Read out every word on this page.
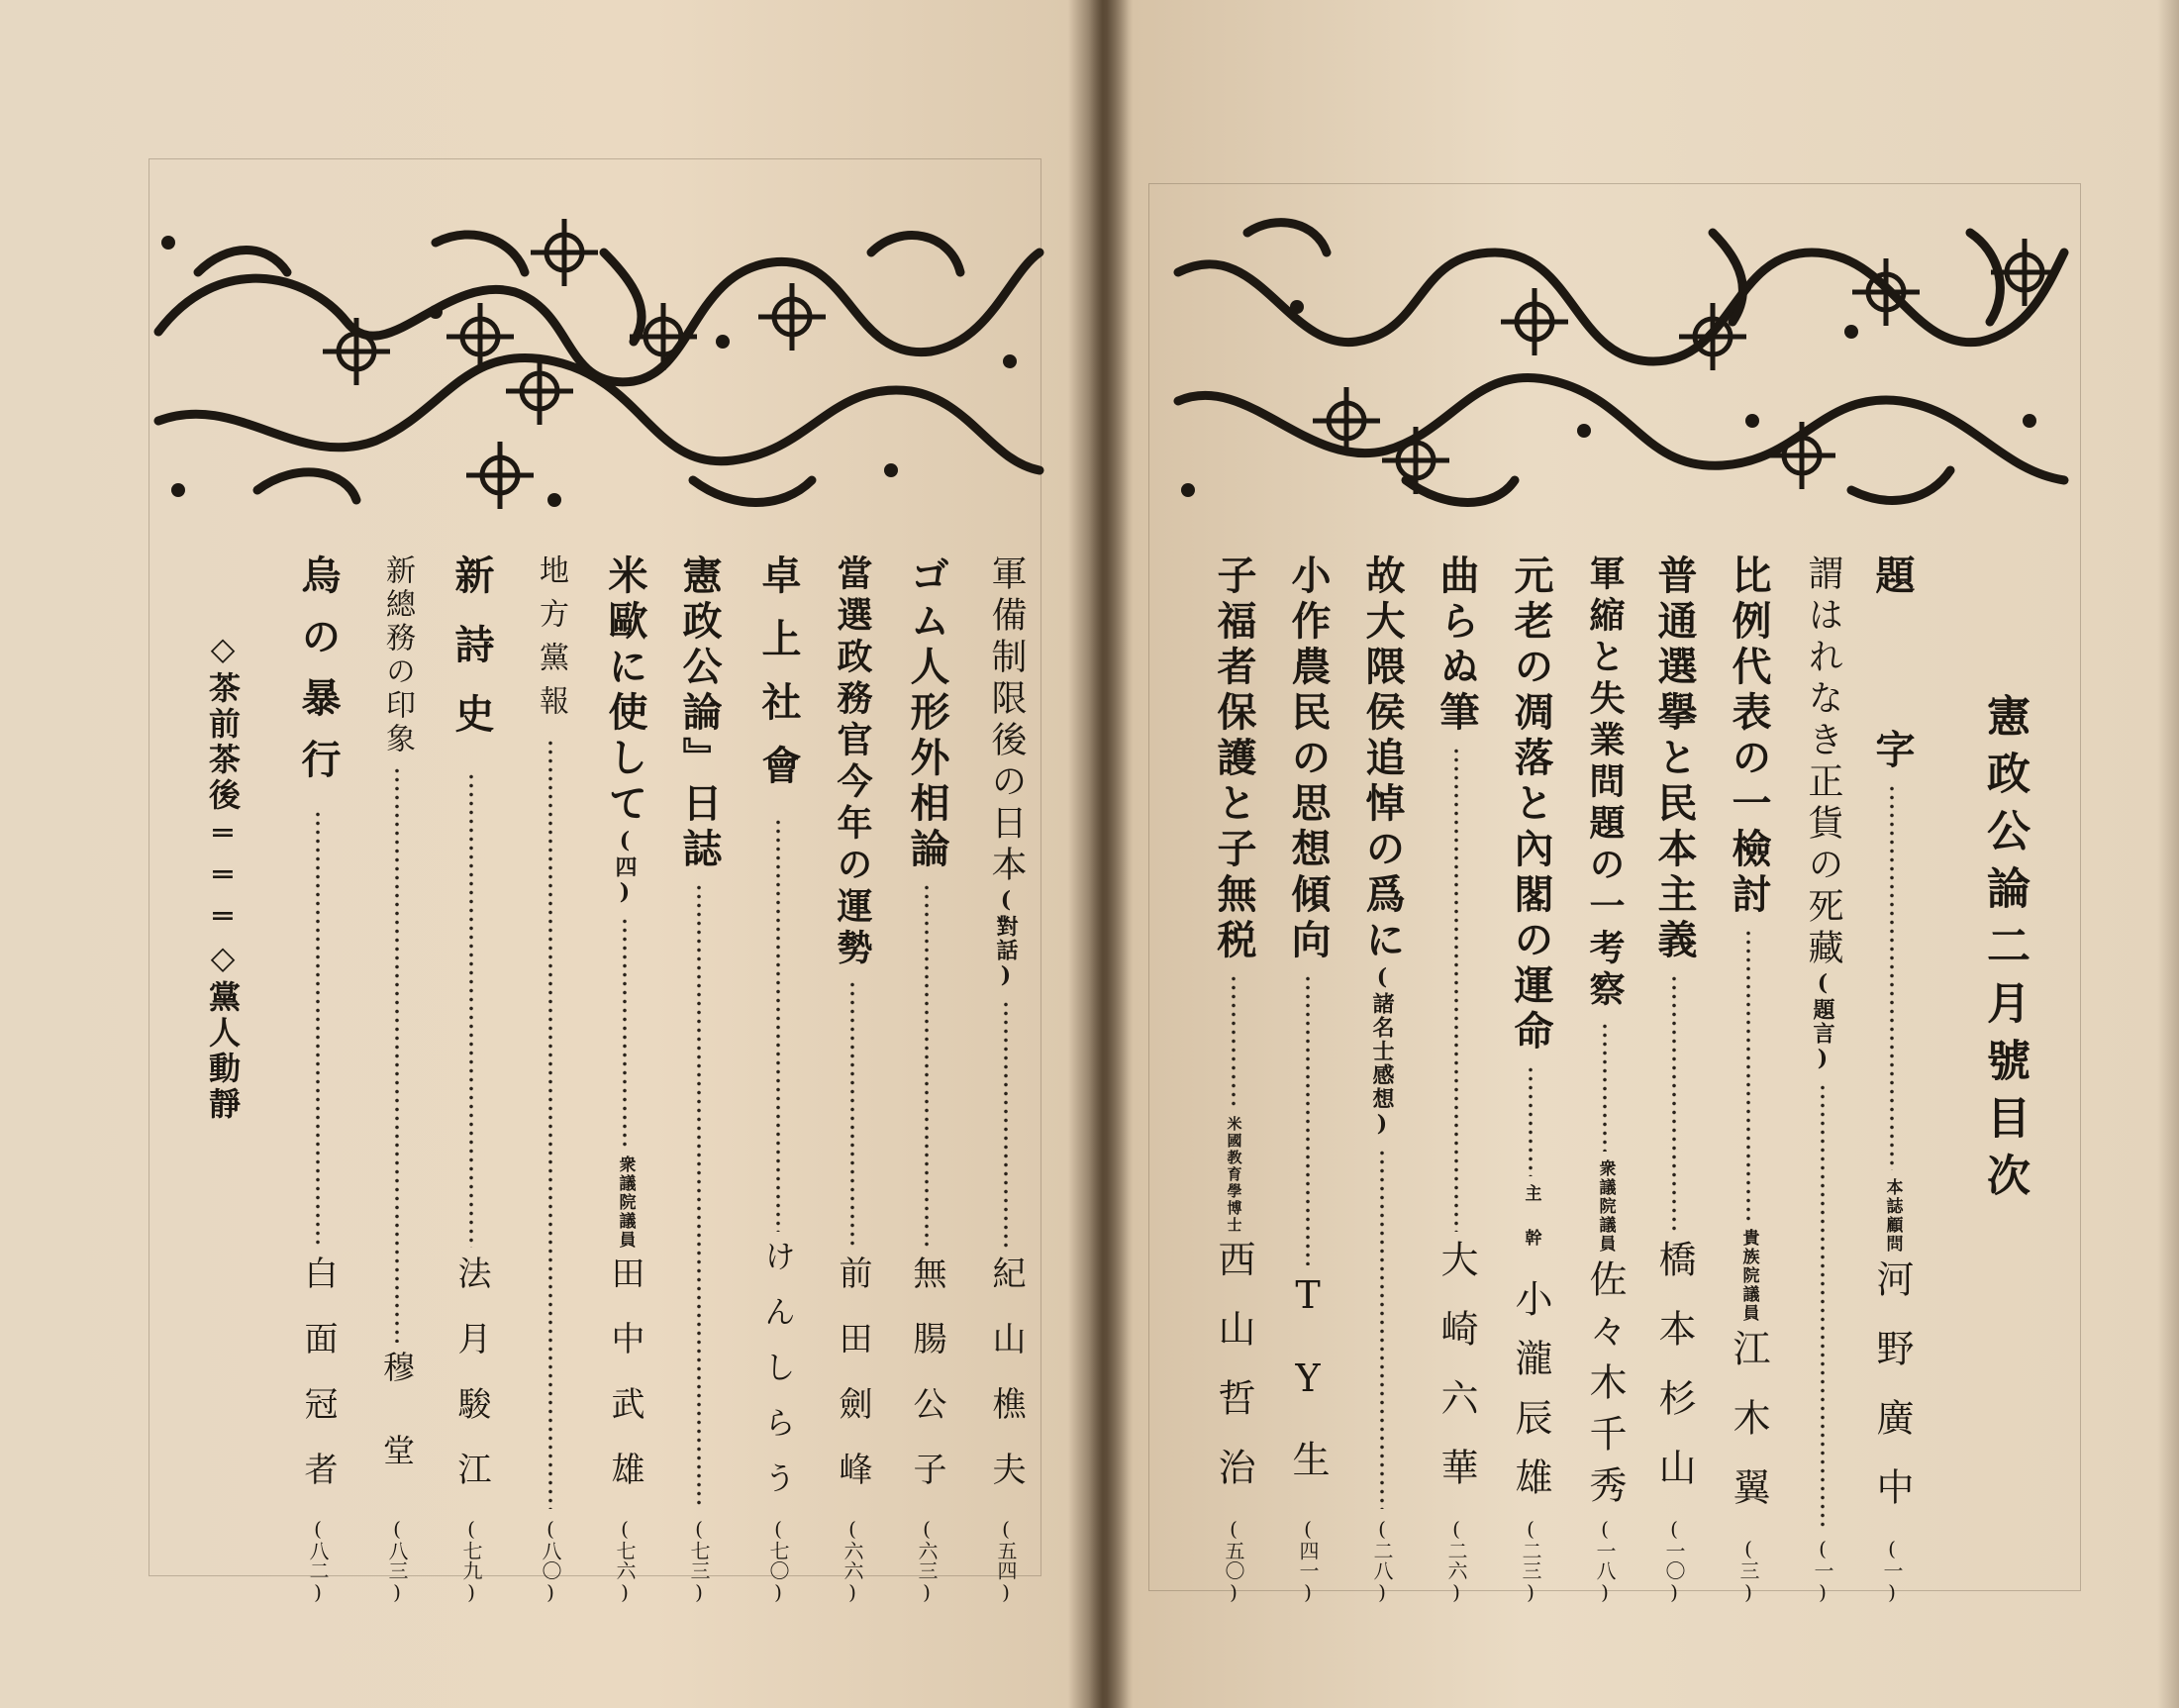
憲政公論二月號目次
題
字
本誌顧問
河野廣中
(一)
謂はれなき正貨の死藏
(題言)
(一)
比例代表の一檢討
貴族院議員
江木翼
(三)
普通選擧と民本主義
橋本杉山
(一〇)
軍縮と失業問題の一考察
衆議院議員
佐々木千秀
(一八)
元老の凋落と內閣の運命
主幹
小瀧辰雄
(二三)
曲らぬ筆
大崎六華
(二六)
故大隈侯追悼の爲に
(諸名士感想)
(二八)
小作農民の思想傾向
TY生
(四一)
子福者保護と子無税
米國教育學博士
西山哲治
(五〇)
軍備制限後の日本
(對話)
紀山樵夫
(五四)
ゴム人形外相論
無腸公子
(六三)
當選政務官今年の運勢
前田劍峰
(六六)
卓上社會
けんしらう
(七〇)
憲政公論』日誌
(七三)
米歐に使して
(四)
衆議院議員
田中武雄
(七六)
地方黨報
(八〇)
新詩史
法月駿江
(七九)
新總務の印象
穆堂
(八三)
烏の暴行
白面冠者
(八二)
◇茶前茶後═══◇黨人動靜
